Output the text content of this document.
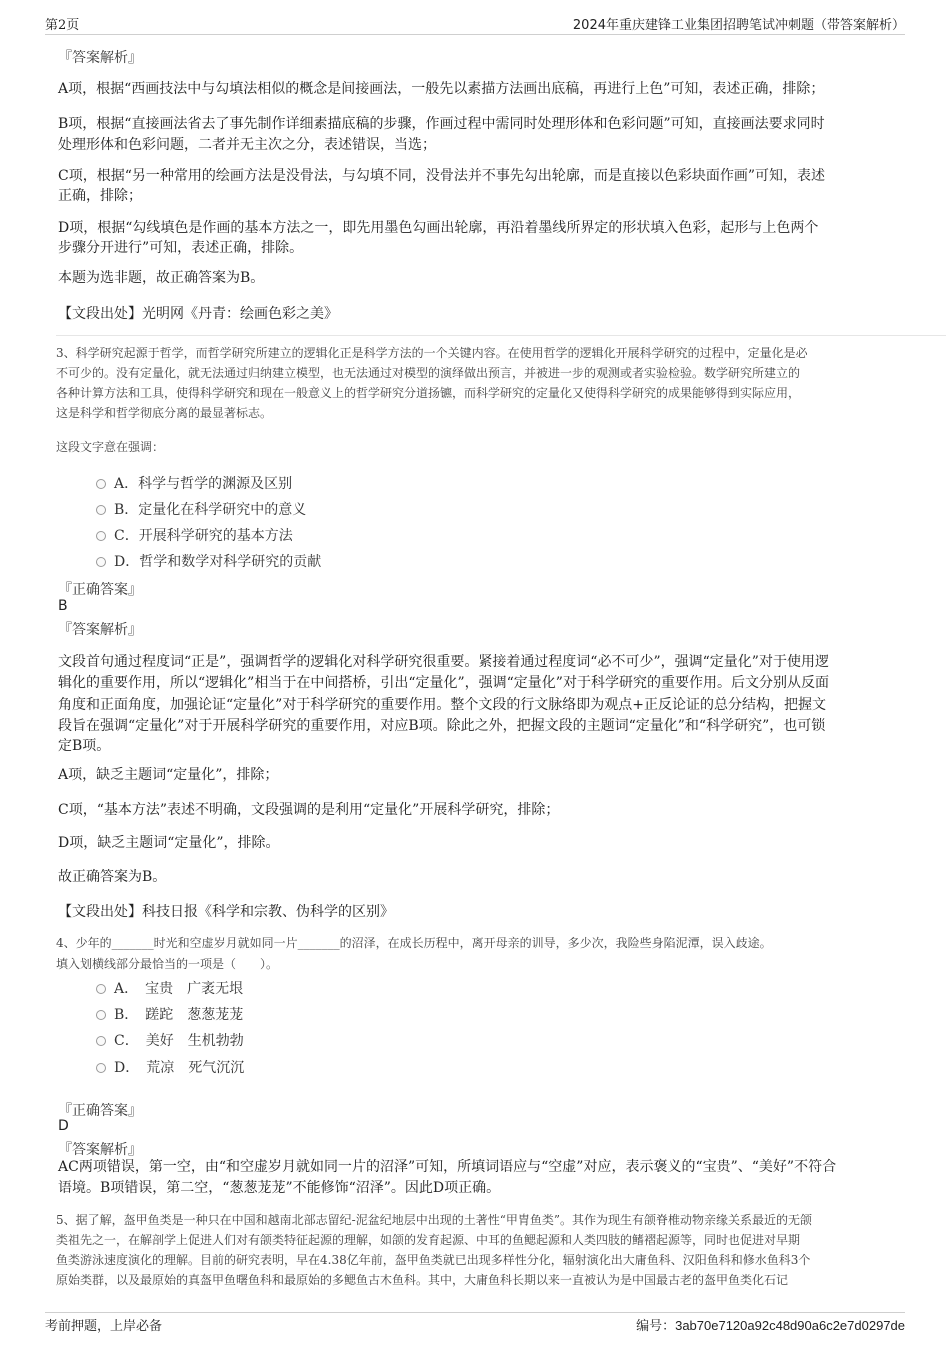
第2页	2024年重庆建锋工业集团招聘笔试冲刺题（带答案解析）

『答案解析』

A项，根据“西画技法中与勾填法相似的概念是间接画法，一般先以素描方法画出底稿，再进行上色”可知，表述正确，排除；

B项，根据“直接画法省去了事先制作详细素描底稿的步骤，作画过程中需同时处理形体和色彩问题”可知，直接画法要求同时

处理形体和色彩问题，二者并无主次之分，表述错误，当选；

C项，根据“另一种常用的绘画方法是没骨法，与勾填不同，没骨法并不事先勾出轮廓，而是直接以色彩块面作画”可知，表述

正确，排除；

D项，根据“勾线填色是作画的基本方法之一，即先用墨色勾画出轮廓，再沿着墨线所界定的形状填入色彩，起形与上色两个

步骤分开进行”可知，表述正确，排除。

本题为选非题，故正确答案为B。

【文段出处】光明网《丹青：绘画色彩之美》

3、科学研究起源于哲学，而哲学研究所建立的逻辑化正是科学方法的一个关键内容。在使用哲学的逻辑化开展科学研究的过程中，定量化是必

不可少的。没有定量化，就无法通过归纳建立模型，也无法通过对模型的演绎做出预言，并被进一步的观测或者实验检验。数学研究所建立的

各种计算方法和工具，使得科学研究和现在一般意义上的哲学研究分道扬镳，而科学研究的定量化又使得科学研究的成果能够得到实际应用，

这是科学和哲学彻底分离的最显著标志。

这段文字意在强调：

A．科学与哲学的渊源及区别
B．定量化在科学研究中的意义
C．开展科学研究的基本方法
D．哲学和数学对科学研究的贡献

『正确答案』

B

『答案解析』

文段首句通过程度词“正是”，强调哲学的逻辑化对科学研究很重要。紧接着通过程度词“必不可少”，强调“定量化”对于使用逻

辑化的重要作用，所以“逻辑化”相当于在中间搭桥，引出“定量化”，强调“定量化”对于科学研究的重要作用。后文分别从反面

角度和正面角度，加强论证“定量化”对于科学研究的重要作用。整个文段的行文脉络即为观点+正反论证的总分结构，把握文

段旨在强调“定量化”对于开展科学研究的重要作用，对应B项。除此之外，把握文段的主题词“定量化”和“科学研究”，也可锁

定B项。

A项，缺乏主题词“定量化”，排除；

C项，“基本方法”表述不明确，文段强调的是利用“定量化”开展科学研究，排除；

D项，缺乏主题词“定量化”，排除。

故正确答案为B。

【文段出处】科技日报《科学和宗教、伪科学的区别》

4、少年的_______时光和空虚岁月就如同一片_______的沼泽，在成长历程中，离开母亲的训导，多少次，我险些身陷泥潭，误入歧途。

填入划横线部分最恰当的一项是（　　）。

A．　宝贵　广袤无垠
B．　蹉跎　葱葱茏茏
C．　美好　生机勃勃
D．　荒凉　死气沉沉

『正确答案』

D

『答案解析』

AC两项错误，第一空，由“和空虚岁月就如同一片的沼泽”可知，所填词语应与“空虚”对应，表示褒义的“宝贵”、“美好”不符合

语境。B项错误，第二空，“葱葱茏茏”不能修饰“沼泽”。因此D项正确。

5、据了解，盔甲鱼类是一种只在中国和越南北部志留纪-泥盆纪地层中出现的土著性“甲胄鱼类”。其作为现生有颌脊椎动物亲缘关系最近的无颌

类祖先之一，在解剖学上促进人们对有颌类特征起源的理解，如颌的发育起源、中耳的鱼鳃起源和人类四肢的鳍褶起源等，同时也促进对早期

鱼类游泳速度演化的理解。目前的研究表明，早在4.38亿年前，盔甲鱼类就已出现多样性分化，辐射演化出大庸鱼科、汉阳鱼科和修水鱼科3个

原始类群，以及最原始的真盔甲鱼曙鱼科和最原始的多鳃鱼古木鱼科。其中，大庸鱼科长期以来一直被认为是中国最古老的盔甲鱼类化石记

考前押题，上岸必备	编号：3ab70e7120a92c48d90a6c2e7d0297de
